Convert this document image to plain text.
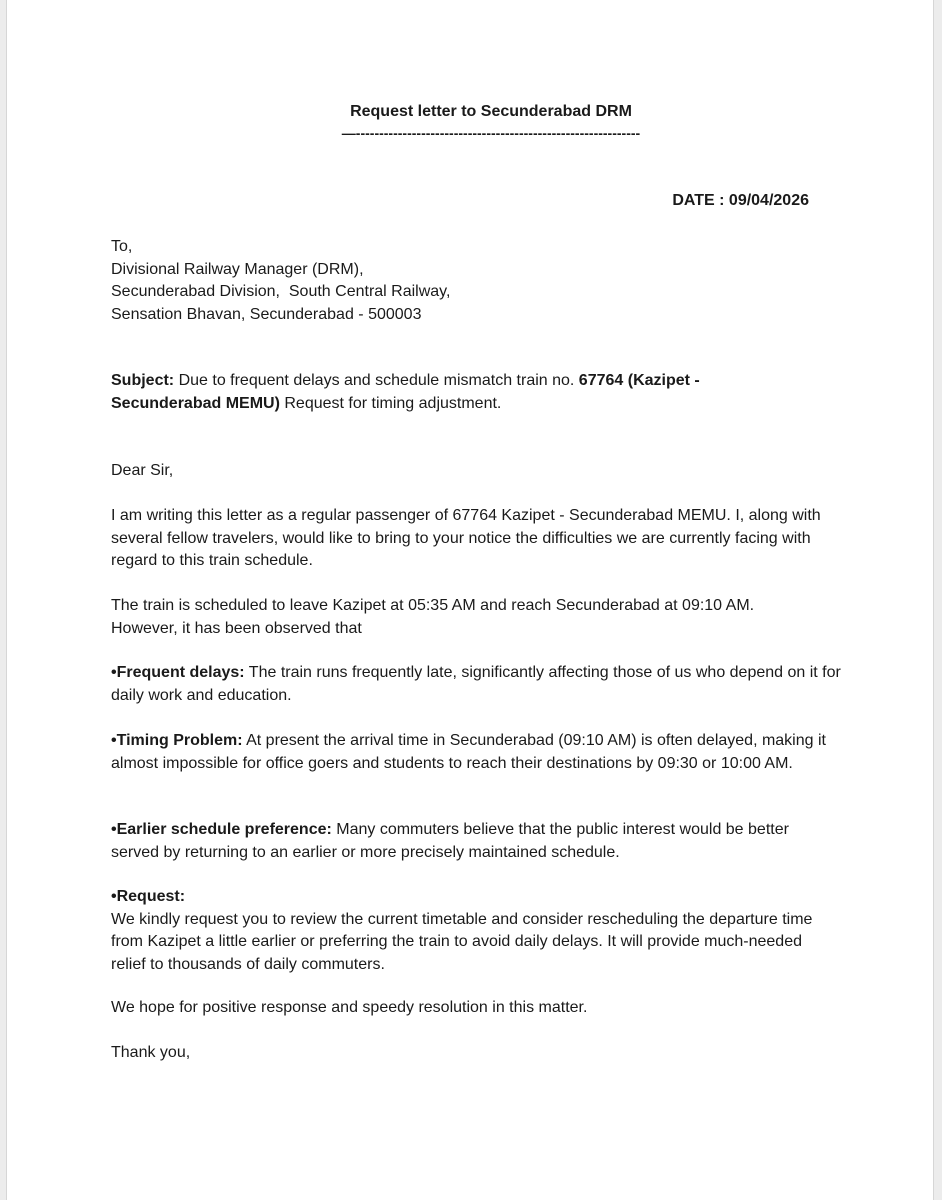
Request letter to Secunderabad DRM
—-------------------------------------------------------------
DATE : 09/04/2026

To,

Divisional Railway Manager (DRM),

Secunderabad Division,  South Central Railway,

Sensation Bhavan, Secunderabad - 500003

Subject: Due to frequent delays and schedule mismatch train no. 67764 (Kazipet - Secunderabad MEMU) Request for timing adjustment.
Dear Sir,
I am writing this letter as a regular passenger of 67764 Kazipet - Secunderabad MEMU. I, along with several fellow travelers, would like to bring to your notice the difficulties we are currently facing with regard to this train schedule.
The train is scheduled to leave Kazipet at 05:35 AM and reach Secunderabad at 09:10 AM. However, it has been observed that
•Frequent delays: The train runs frequently late, significantly affecting those of us who depend on it for daily work and education.
•Timing Problem: At present the arrival time in Secunderabad (09:10 AM) is often delayed, making it almost impossible for office goers and students to reach their destinations by 09:30 or 10:00 AM.
•Earlier schedule preference: Many commuters believe that the public interest would be better served by returning to an earlier or more precisely maintained schedule.

•Request:

We kindly request you to review the current timetable and consider rescheduling the departure time from Kazipet a little earlier or preferring the train to avoid daily delays. It will provide much-needed relief to thousands of daily commuters.

We hope for positive response and speedy resolution in this matter.
Thank you,
